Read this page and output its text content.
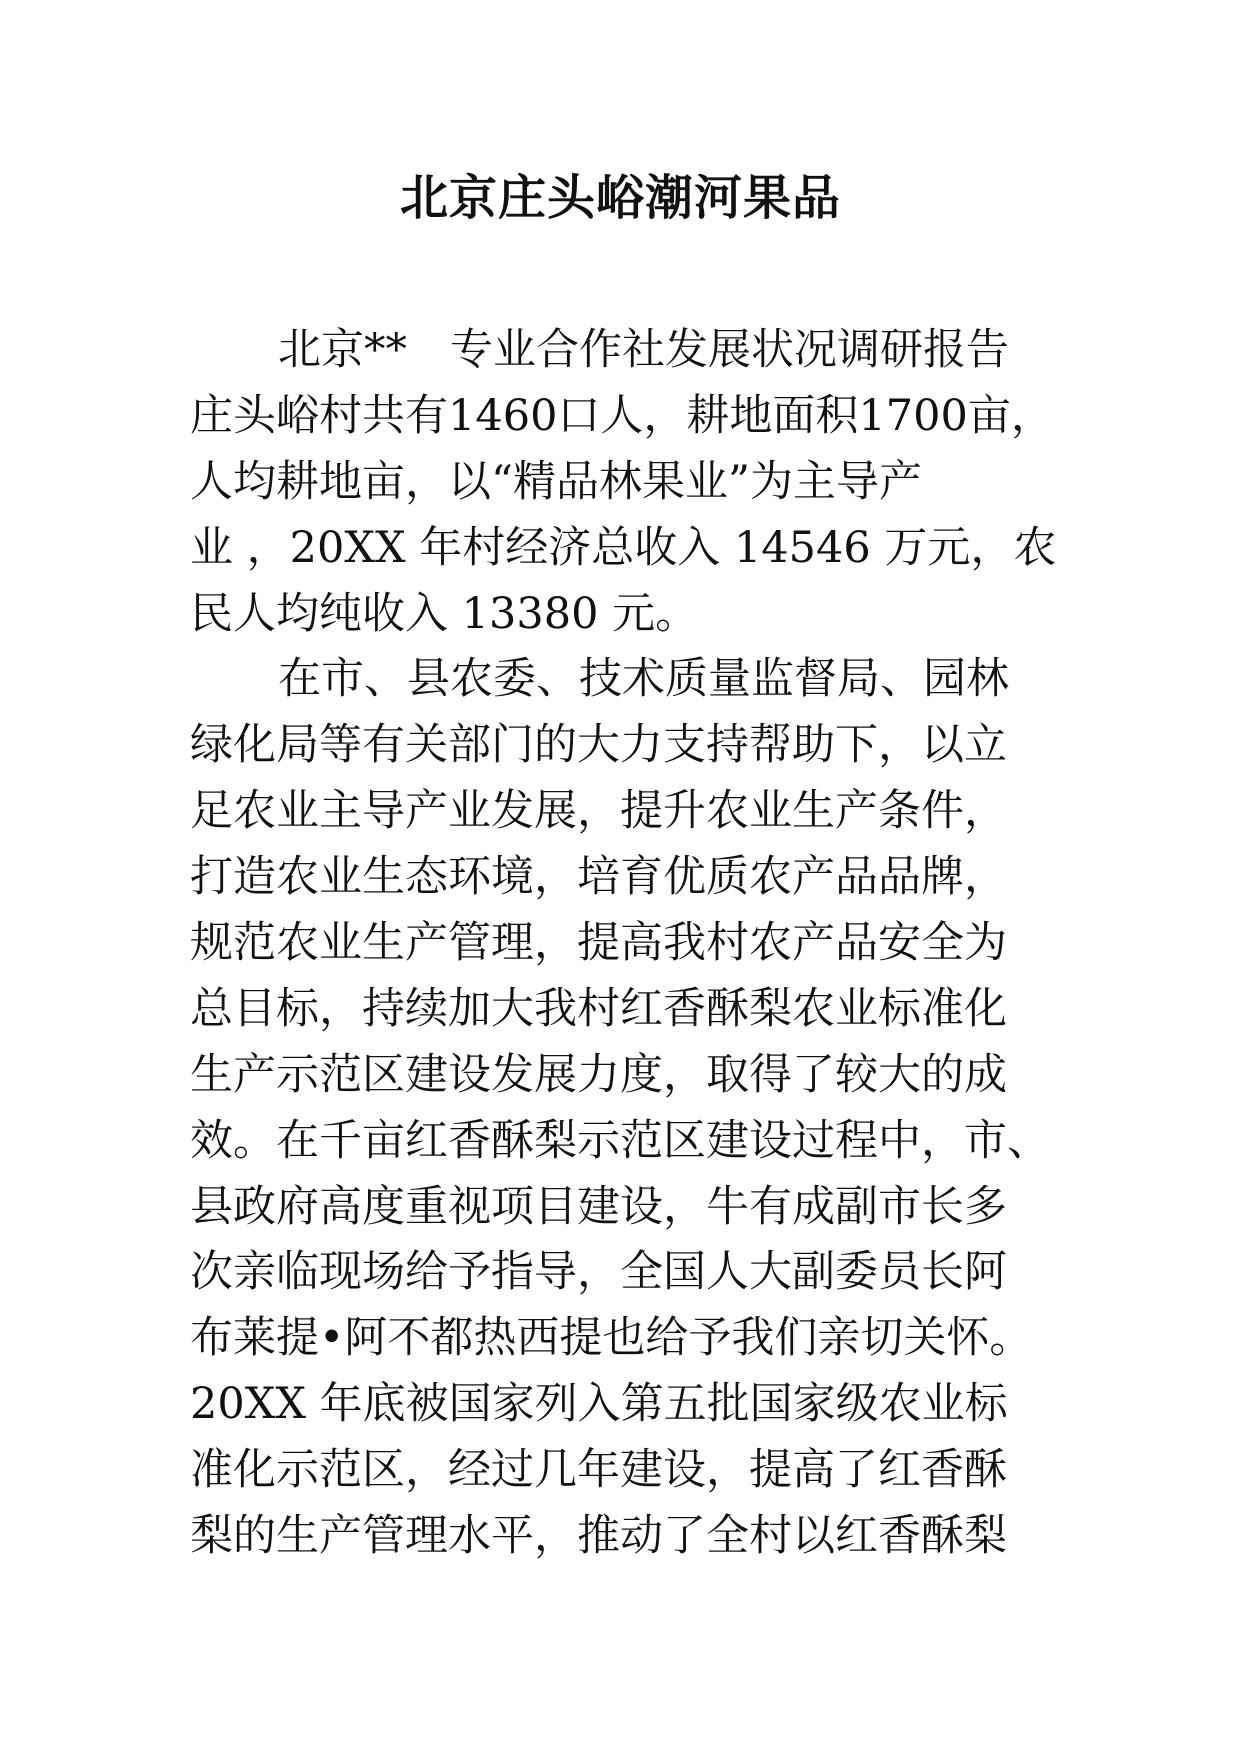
北京庄头峪潮河果品
北京**　专业合作社发展状况调研报告
庄头峪村共有1460口人，耕地面积1700亩，
人均耕地亩，以“精品林果业”为主导产
业 ，20XX 年村经济总收入 14546 万元，农
民人均纯收入 13380 元。
在市、县农委、技术质量监督局、园林
绿化局等有关部门的大力支持帮助下，以立
足农业主导产业发展，提升农业生产条件，
打造农业生态环境，培育优质农产品品牌，
规范农业生产管理，提高我村农产品安全为
总目标，持续加大我村红香酥梨农业标准化
生产示范区建设发展力度，取得了较大的成
效。在千亩红香酥梨示范区建设过程中，市、
县政府高度重视项目建设，牛有成副市长多
次亲临现场给予指导，全国人大副委员长阿
布莱提•阿不都热西提也给予我们亲切关怀。
20XX 年底被国家列入第五批国家级农业标
准化示范区，经过几年建设，提高了红香酥
梨的生产管理水平，推动了全村以红香酥梨
